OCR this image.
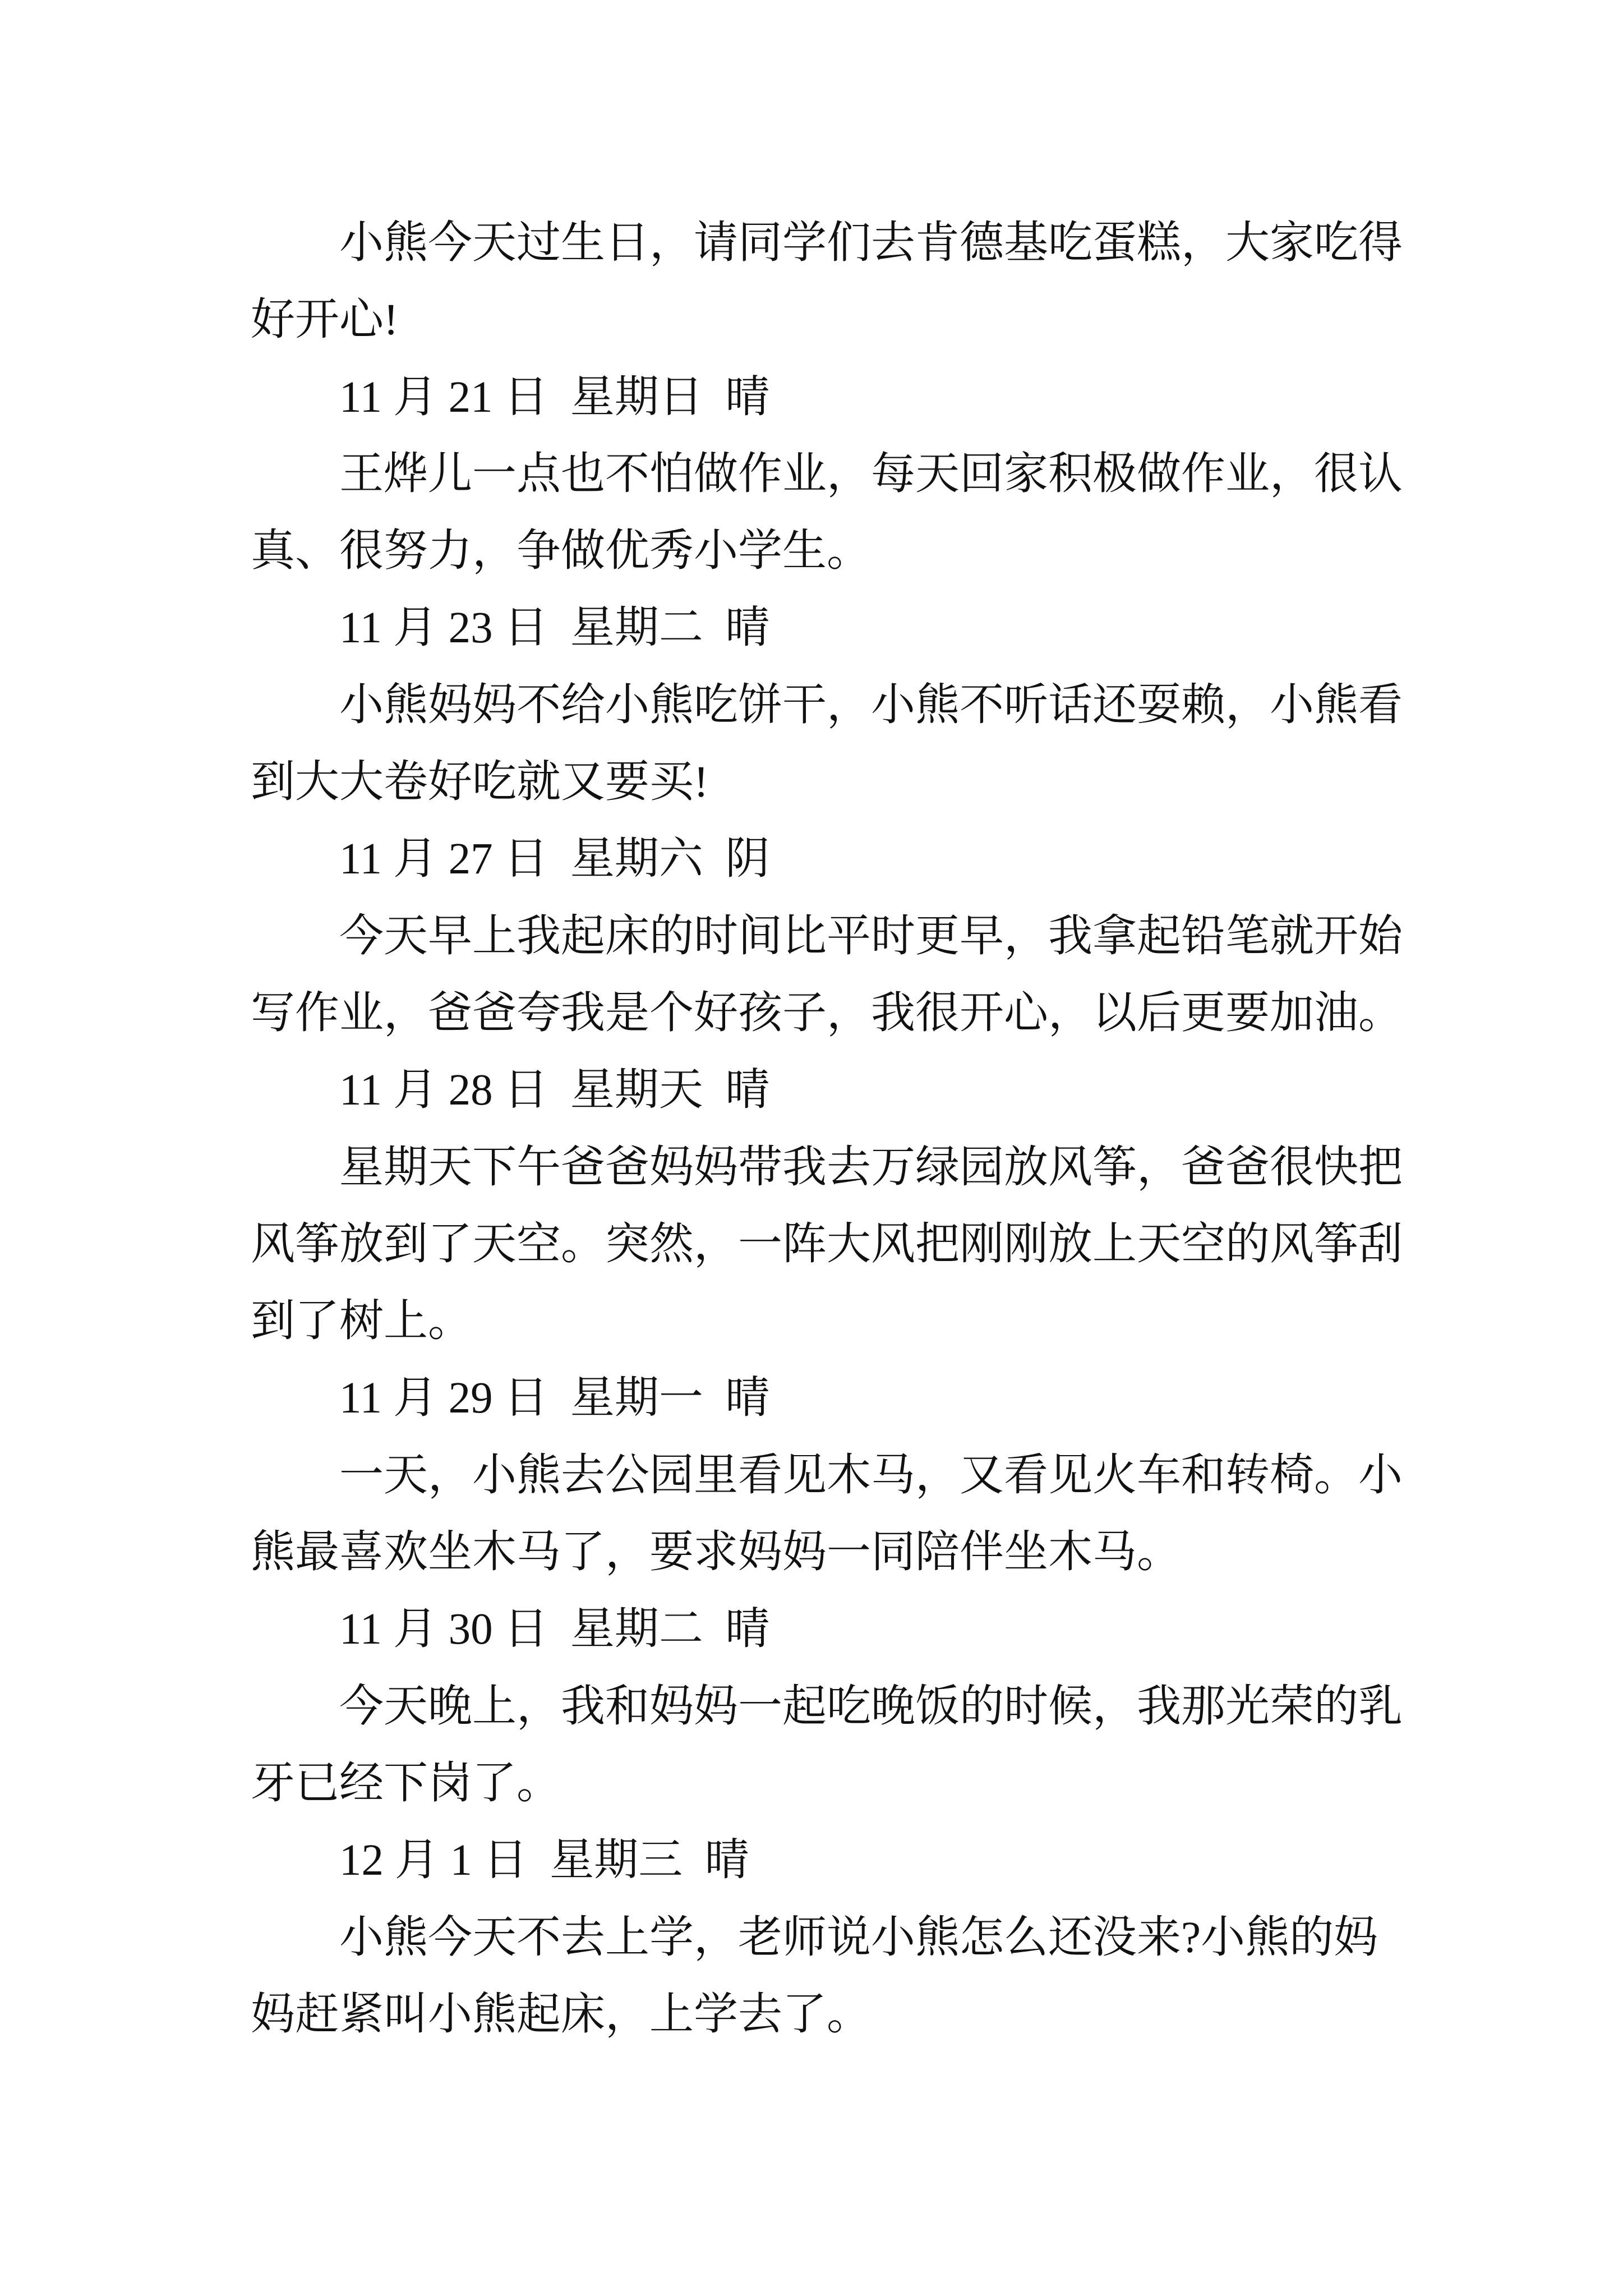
小熊今天过生日，请同学们去肯德基吃蛋糕，大家吃得
好开心!
11 月 21 日  星期日  晴
王烨儿一点也不怕做作业，每天回家积极做作业，很认
真、很努力，争做优秀小学生。
11 月 23 日  星期二  晴
小熊妈妈不给小熊吃饼干，小熊不听话还耍赖，小熊看
到大大卷好吃就又要买!
11 月 27 日  星期六  阴
今天早上我起床的时间比平时更早，我拿起铅笔就开始
写作业，爸爸夸我是个好孩子，我很开心，以后更要加油。
11 月 28 日  星期天  晴
星期天下午爸爸妈妈带我去万绿园放风筝，爸爸很快把
风筝放到了天空。突然，一阵大风把刚刚放上天空的风筝刮
到了树上。
11 月 29 日  星期一  晴
一天，小熊去公园里看见木马，又看见火车和转椅。小
熊最喜欢坐木马了，要求妈妈一同陪伴坐木马。
11 月 30 日  星期二  晴
今天晚上，我和妈妈一起吃晚饭的时候，我那光荣的乳
牙已经下岗了。
12 月 1 日  星期三  晴
小熊今天不去上学，老师说小熊怎么还没来?小熊的妈
妈赶紧叫小熊起床，上学去了。
